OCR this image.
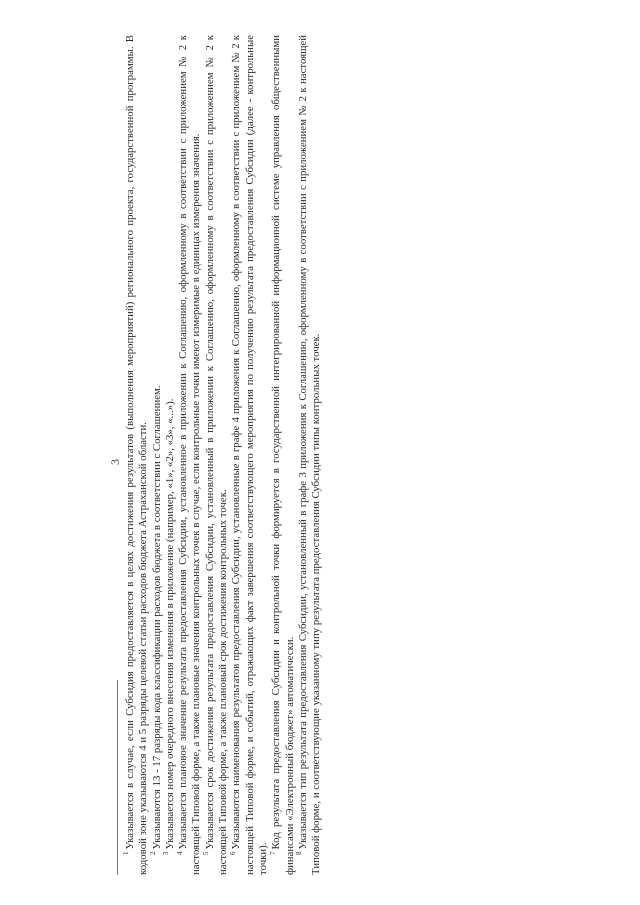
3

$^1$Указывается в случае, если Субсидия предоставляется в целях достижения результатов (выполнения мероприятий) регионального проекта, государственной программы. В кодовой зоне указываются 4 и 5 разряды целевой статьи расходов бюджета Астраханской области. $^2$Указываются 13 - 17 разряды кода классификации расходов бюджета в соответствии с Соглашением.

$^3$Указывается номер очередного внесения изменения в приложение (например, «1», «2», «3», «...»).

$^4$Указывается плановое значение результата предоставления Субсидии, установленное в приложении к Соглашению, оформленному в соответствии с приложением № 2 к настоящей Типовой форме, а также плановые значения контрольных точек в случае, если контрольные точки имеют измеримые в единицах измерения значения. $^5$Указывается срок достижения результата предоставления Субсидии, установленный в приложении к Соглашению, оформленному в соответствии с приложением № 2 к настоящей Типовой форме, а также плановый срок достижения контрольных точек. $^6$Указываются наименования результатов предоставления Субсидии, установленные в графе 4 приложения к Соглашению, оформленному в соответствии с приложением № 2 к настоящей Типовой форме, и событий, отражающих факт завершения соответствующего мероприятия по получению результата предоставления Субсидии (далее - контрольные точки). $^7$Код результата предоставления Субсидии и контрольной точки формируется в государственной интегрированной информационной системе управления общественными финансами «Электронный бюджет» автоматически. $^8$Указывается тип результата предоставления Субсидии, установленный в графе 3 приложения к Соглашению, оформленному в соответствии с приложением № 2 к настоящей Типовой форме, и соответствующие указанному типу результата предоставления Субсидии типы контрольных точек.
